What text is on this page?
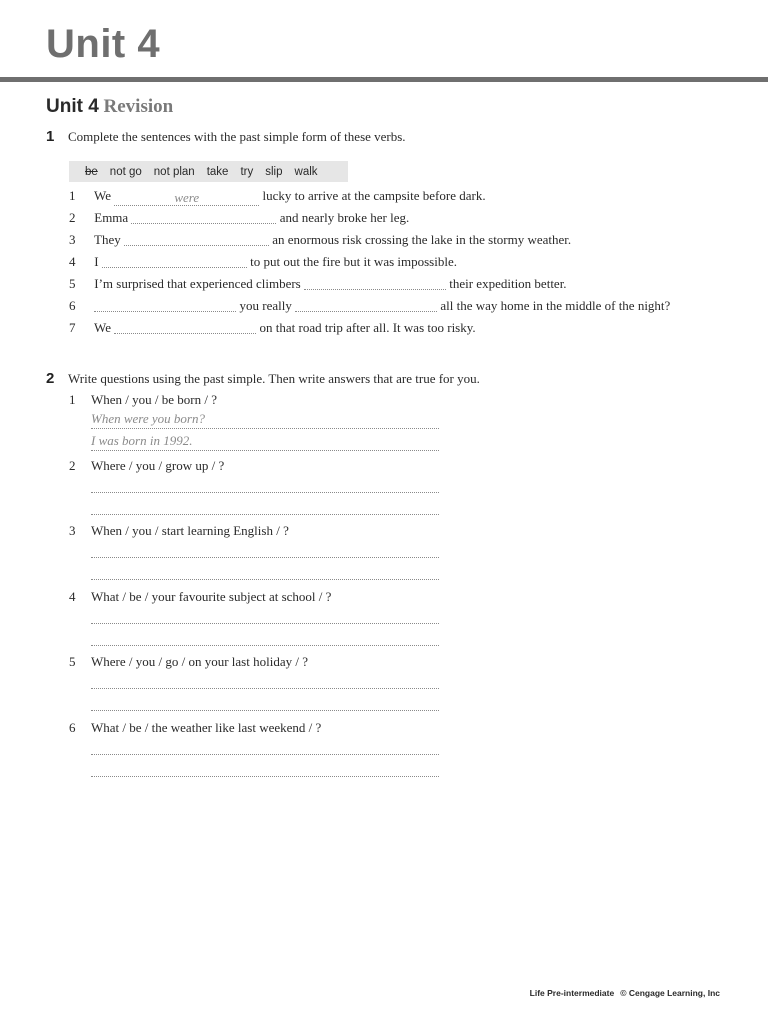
Unit 4
Unit 4 Revision
1 Complete the sentences with the past simple form of these verbs.
be not go not plan take try slip walk
1 We	were	lucky to arrive at the campsite before dark.
2 Emma	and nearly broke her leg.
3 They	an enormous risk crossing the lake in the stormy weather.
4 I	to put out the fire but it was impossible.
5 I’m surprised that experienced climbers	their expedition better.
6	you really	all the way home in the middle of the night?
7 We	on that road trip after all. It was too risky.
2 Write questions using the past simple. Then write answers that are true for you.
1 When / you / be born / ?
When were you born?
I was born in 1992.
2 Where / you / grow up / ?
3 When / you / start learning English / ?
4 What / be / your favourite subject at school / ?
5 Where / you / go / on your last holiday / ?
6 What / be / the weather like last weekend / ?
Life Pre-intermediate © Cengage Learning, Inc
